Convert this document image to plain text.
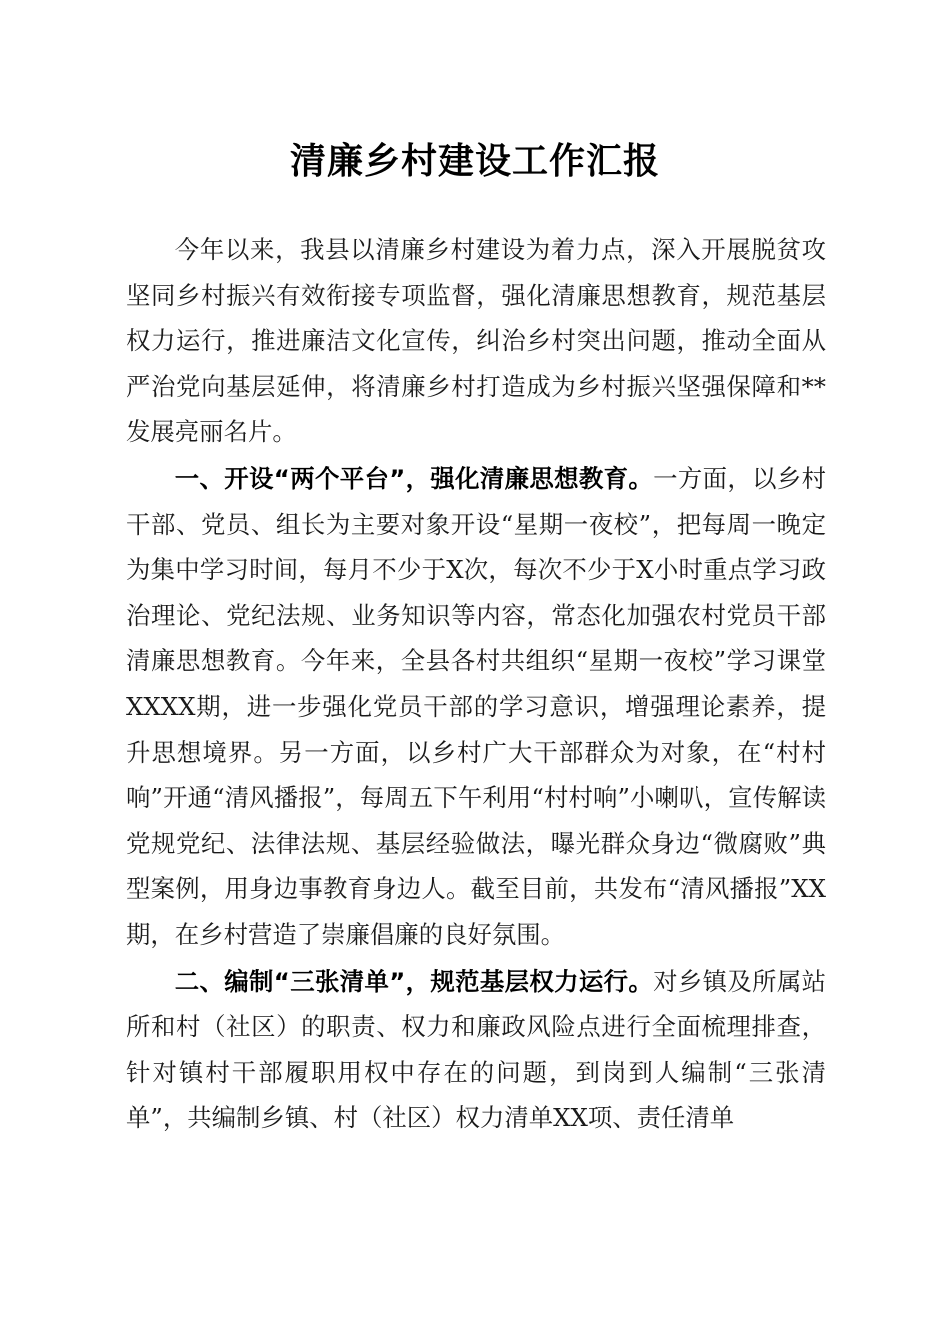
清廉乡村建设工作汇报

今年以来，我县以清廉乡村建设为着力点，深入开展脱贫攻坚同乡村振兴有效衔接专项监督，强化清廉思想教育，规范基层权力运行，推进廉洁文化宣传，纠治乡村突出问题，推动全面从严治党向基层延伸，将清廉乡村打造成为乡村振兴坚强保障和**发展亮丽名片。

一、开设“两个平台”，强化清廉思想教育。一方面，以乡村干部、党员、组长为主要对象开设“星期一夜校”，把每周一晚定为集中学习时间，每月不少于X次，每次不少于X小时重点学习政治理论、党纪法规、业务知识等内容，常态化加强农村党员干部清廉思想教育。今年来，全县各村共组织“星期一夜校”学习课堂XXXX期，进一步强化党员干部的学习意识，增强理论素养，提升思想境界。另一方面，以乡村广大干部群众为对象，在“村村响”开通“清风播报”，每周五下午利用“村村响”小喇叭，宣传解读党规党纪、法律法规、基层经验做法，曝光群众身边“微腐败”典型案例，用身边事教育身边人。截至目前，共发布“清风播报”XX期，在乡村营造了崇廉倡廉的良好氛围。

二、编制“三张清单”，规范基层权力运行。对乡镇及所属站所和村（社区）的职责、权力和廉政风险点进行全面梳理排查，针对镇村干部履职用权中存在的问题，到岗到人编制“三张清单”，共编制乡镇、村（社区）权力清单XX项、责任清单
